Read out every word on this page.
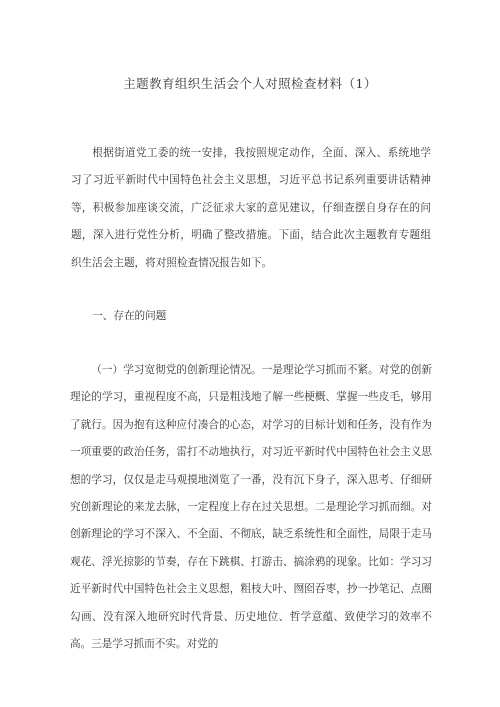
主题教育组织生活会个人对照检查材料（1）
根据街道党工委的统一安排，我按照规定动作，全面、深入、系统地学习了习近平新时代中国特色社会主义思想，习近平总书记系列重要讲话精神等，积极参加座谈交流，广泛征求大家的意见建议，仔细查摆自身存在的问题，深入进行党性分析，明确了整改措施。下面，结合此次主题教育专题组织生活会主题，将对照检查情况报告如下。
一、存在的问题
（一）学习宽彻党的创新理论情况。一是理论学习抓而不紧。对党的创新理论的学习，重视程度不高，只是粗浅地了解一些梗概、掌握一些皮毛，够用了就行。因为抱有这种应付凑合的心态，对学习的目标计划和任务，没有作为一项重要的政治任务，雷打不动地执行，对习近平新时代中国特色社会主义思想的学习，仅仅是走马观摸地浏览了一番，没有沉下身子，深入思考、仔细研究创新理论的来龙去脉，一定程度上存在过关思想。二是理论学习抓而细。对创新理论的学习不深入、不全面、不彻底，缺乏系统性和全面性，局限于走马观花、浮光掠影的节奏，存在下跳棋、打游击、搞涂鸦的现象。比如：学习习近平新时代中国特色社会主义思想，粗枝大叶、囫囵吞枣，抄一抄笔记、点圈勾画、没有深入地研究时代背景、历史地位、哲学意蕴、致使学习的效率不高。三是学习抓而不实。对党的
